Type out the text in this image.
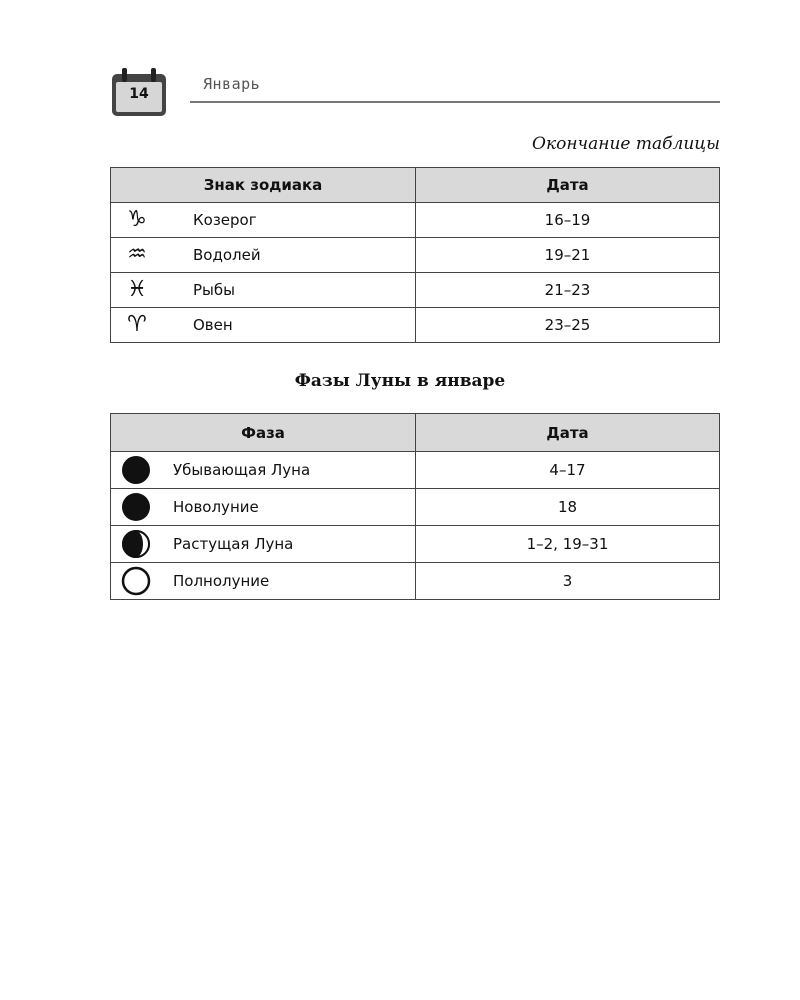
14
Январь
Окончание таблицы
Знак зодиака	Дата

♑ Козерог	16–19

♒ Водолей	19–21

♓ Рыбы	21–23

♈ Овен	23–25
Фазы Луны в январе
Фаза	Дата

Убывающая Луна	4–17

Новолуние	18

Растущая Луна	1–2, 19–31

Полнолуние	3
